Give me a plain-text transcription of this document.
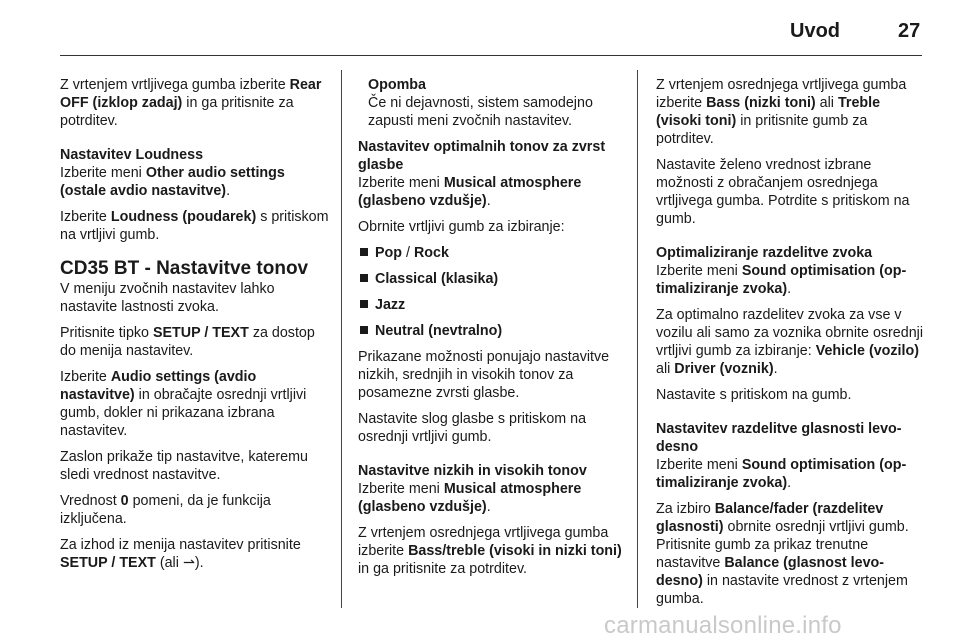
Uvod	27

Z vrtenjem vrtljivega gumba izberite Rear OFF (izklop zadaj) in ga pritisnite za potrditev.

Nastavitev Loudness

Izberite meni Other audio settings (ostale avdio nastavitve).

Izberite Loudness (poudarek) s pritiskom na vrtljivi gumb.

CD35 BT - Nastavitve tonov

V meniju zvočnih nastavitev lahko nastavite lastnosti zvoka.

Pritisnite tipko SETUP / TEXT za dostop do menija nastavitev.

Izberite Audio settings (avdio nastavitve) in obračajte osrednji vrtljivi gumb, dokler ni prikazana izbrana nastavitev.

Zaslon prikaže tip nastavitve, kateremu sledi vrednost nastavitve.

Vrednost 0 pomeni, da je funkcija izključena.

Za izhod iz menija nastavitev pritisnite SETUP / TEXT (ali ⇀).

Opomba
Če ni dejavnosti, sistem samodejno zapusti meni zvočnih nastavitev.

Nastavitev optimalnih tonov za zvrst glasbe

Izberite meni Musical atmosphere (glasbeno vzdušje).

Obrnite vrtljivi gumb za izbiranje:

Pop / Rock
Classical (klasika)
Jazz
Neutral (nevtralno)

Prikazane možnosti ponujajo nastavitve nizkih, srednjih in visokih tonov za posamezne zvrsti glasbe.

Nastavite slog glasbe s pritiskom na osrednji vrtljivi gumb.

Nastavitve nizkih in visokih tonov

Izberite meni Musical atmosphere (glasbeno vzdušje).

Z vrtenjem osrednjega vrtljivega gumba izberite Bass/treble (visoki in nizki toni) in ga pritisnite za potrditev.

Z vrtenjem osrednjega vrtljivega gumba izberite Bass (nizki toni) ali Treble (visoki toni) in pritisnite gumb za potrditev.

Nastavite želeno vrednost izbrane možnosti z obračanjem osrednjega vrtljivega gumba. Potrdite s pritiskom na gumb.

Optimaliziranje razdelitve zvoka

Izberite meni Sound optimisation (op-timaliziranje zvoka).

Za optimalno razdelitev zvoka za vse v vozilu ali samo za voznika obrnite osrednji vrtljivi gumb za izbiranje: Vehicle (vozilo) ali Driver (voznik).

Nastavite s pritiskom na gumb.

Nastavitev razdelitve glasnosti levo-desno

Izberite meni Sound optimisation (op-timaliziranje zvoka).

Za izbiro Balance/fader (razdelitev glasnosti) obrnite osrednji vrtljivi gumb. Pritisnite gumb za prikaz trenutne nastavitve Balance (glasnost levo-desno) in nastavite vrednost z vrtenjem gumba.

carmanualsonline.info
